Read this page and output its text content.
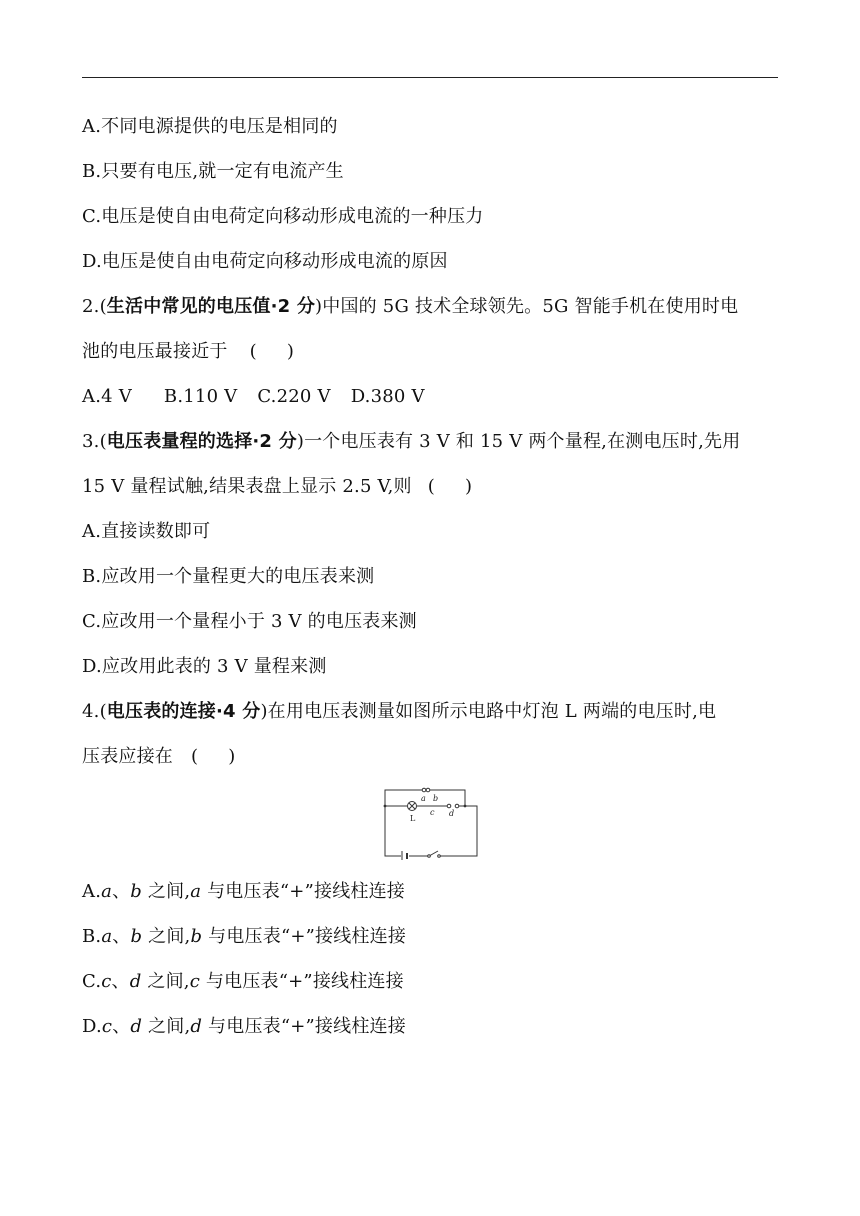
A.不同电源提供的电压是相同的
B.只要有电压,就一定有电流产生
C.电压是使自由电荷定向移动形成电流的一种压力
D.电压是使自由电荷定向移动形成电流的原因
2.(生活中常见的电压值·2 分)中国的 5G 技术全球领先。5G 智能手机在使用时电
池的电压最接近于 ( )
A.4 V B.110 V C.220 V D.380 V
3.(电压表量程的选择·2 分)一个电压表有 3 V 和 15 V 两个量程,在测电压时,先用
15 V 量程试触,结果表盘上显示 2.5 V,则 ( )
A.直接读数即可
B.应改用一个量程更大的电压表来测
C.应改用一个量程小于 3 V 的电压表来测
D.应改用此表的 3 V 量程来测
4.(电压表的连接·4 分)在用电压表测量如图所示电路中灯泡 L 两端的电压时,电
压表应接在 ( )
a b
c d
L
A.a、b 之间,a 与电压表“+”接线柱连接
B.a、b 之间,b 与电压表“+”接线柱连接
C.c、d 之间,c 与电压表“+”接线柱连接
D.c、d 之间,d 与电压表“+”接线柱连接
